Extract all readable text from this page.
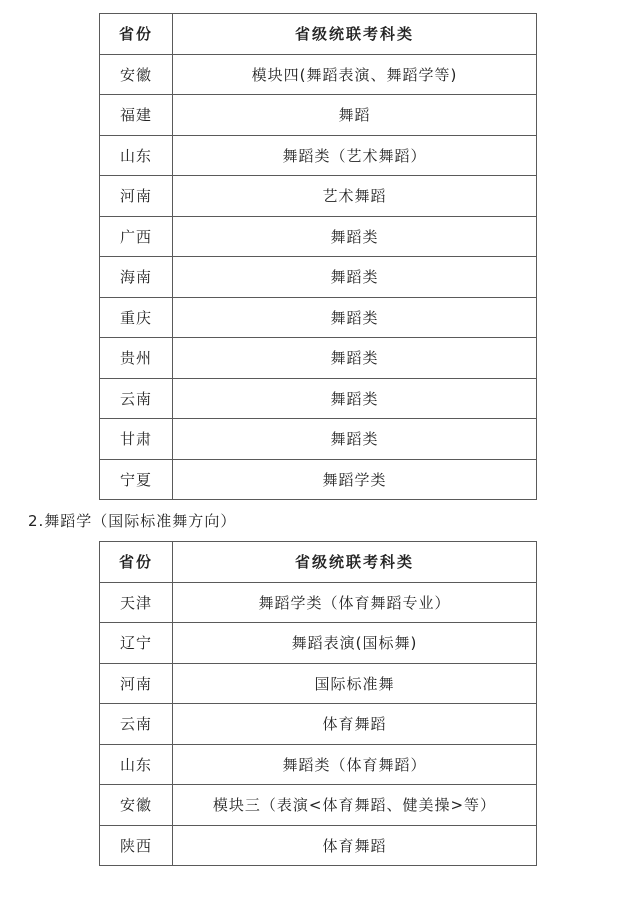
省份	省级统联考科类
安徽	模块四(舞蹈表演、舞蹈学等)
福建	舞蹈
山东	舞蹈类（艺术舞蹈）
河南	艺术舞蹈
广西	舞蹈类
海南	舞蹈类
重庆	舞蹈类
贵州	舞蹈类
云南	舞蹈类
甘肃	舞蹈类
宁夏	舞蹈学类
2.舞蹈学（国际标准舞方向）
省份	省级统联考科类
天津	舞蹈学类（体育舞蹈专业）
辽宁	舞蹈表演(国标舞)
河南	国际标准舞
云南	体育舞蹈
山东	舞蹈类（体育舞蹈）
安徽	模块三（表演<体育舞蹈、健美操>等）
陕西	体育舞蹈
